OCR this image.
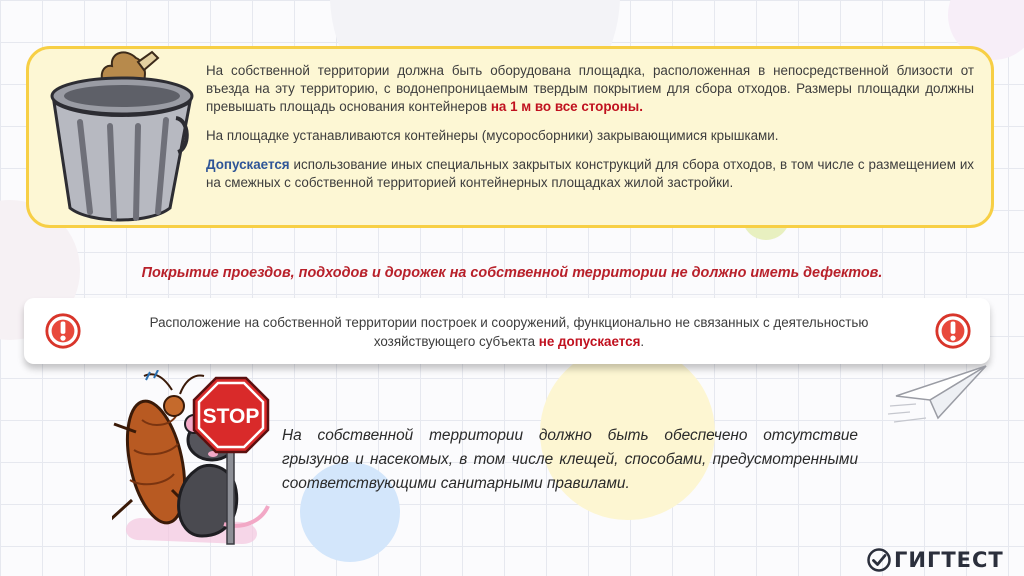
На собственной территории должна быть оборудована площадка, расположенная в непосредственной близости от въезда на эту территорию, с водонепроницаемым твердым покрытием для сбора отходов. Размеры площадки должны превышать площадь основания контейнеров на 1 м во все стороны.

На площадке устанавливаются контейнеры (мусоросборники) закрывающимися крышками.

Допускается использование иных специальных закрытых конструкций для сбора отходов, в том числе с размещением их на смежных с собственной территорией контейнерных площадках жилой застройки.

Покрытие проездов, подходов и дорожек на собственной территории не должно иметь дефектов.
Расположение на собственной территории построек и сооружений, функционально не связанных с деятельностью хозяйствующего субъекта не допускается.
STOP
На собственной территории должно быть обеспечено отсутствие грызунов и насекомых, в том числе клещей, способами, предусмотренными соответствующими санитарными правилами.
ГИГТЕСТ
